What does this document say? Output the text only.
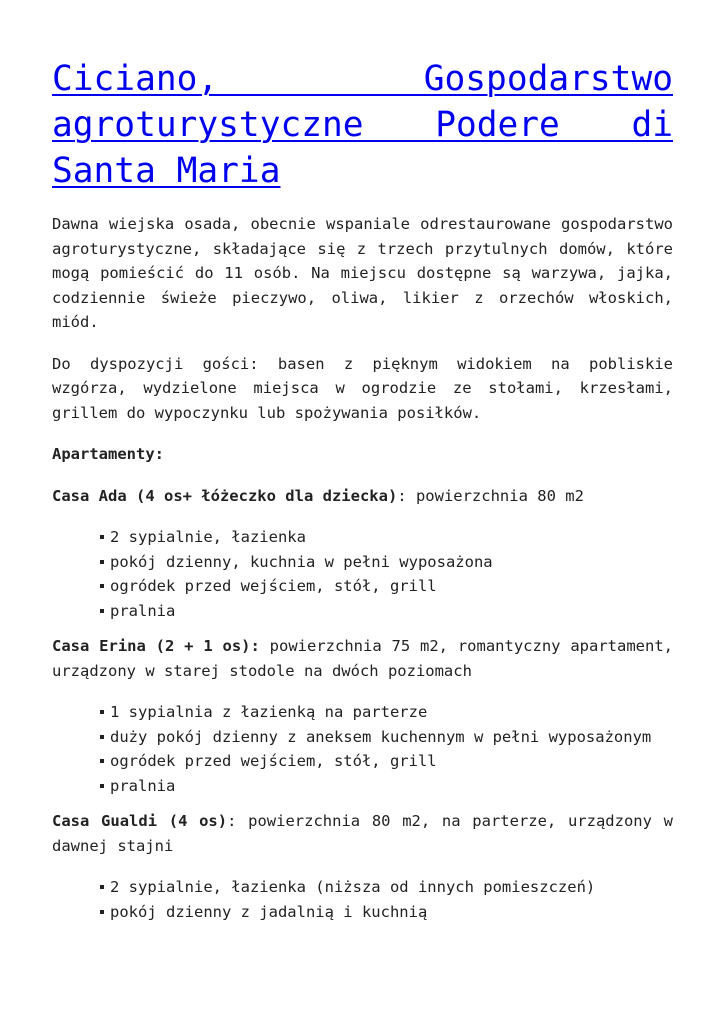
Ciciano, Gospodarstwo agroturystyczne Podere di Santa Maria

Dawna wiejska osada, obecnie wspaniale odrestaurowane gospodarstwo agroturystyczne, składające się z trzech przytulnych domów, które mogą pomieścić do 11 osób. Na miejscu dostępne są warzywa, jajka, codziennie świeże pieczywo, oliwa, likier z orzechów włoskich, miód.

Do dyspozycji gości: basen z pięknym widokiem na pobliskie wzgórza, wydzielone miejsca w ogrodzie ze stołami, krzesłami, grillem do wypoczynku lub spożywania posiłków.

Apartamenty:

Casa Ada (4 os+ łóżeczko dla dziecka): powierzchnia 80 m2

2 sypialnie, łazienka
pokój dzienny, kuchnia w pełni wyposażona
ogródek przed wejściem, stół, grill
pralnia

Casa Erina (2 + 1 os): powierzchnia 75 m2, romantyczny apartament, urządzony w starej stodole na dwóch poziomach

1 sypialnia z łazienką na parterze
duży pokój dzienny z aneksem kuchennym w pełni wyposażonym
ogródek przed wejściem, stół, grill
pralnia

Casa Gualdi (4 os): powierzchnia 80 m2, na parterze, urządzony w dawnej stajni

2 sypialnie, łazienka (niższa od innych pomieszczeń)
pokój dzienny z jadalnią i kuchnią
